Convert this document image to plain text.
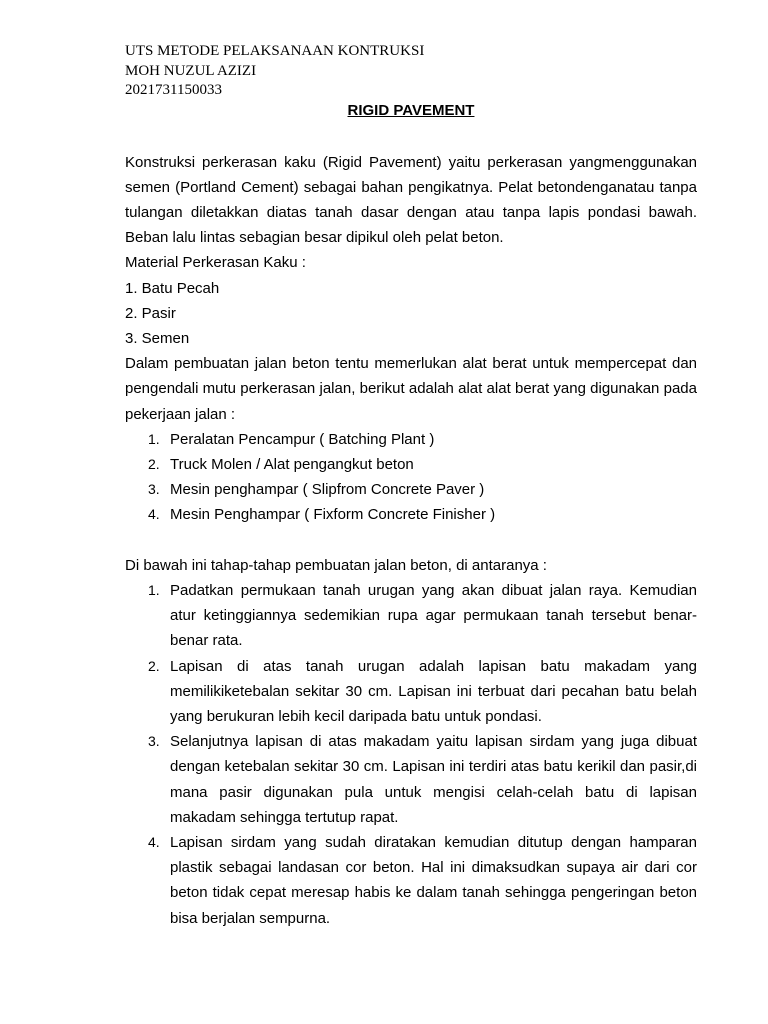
UTS METODE PELAKSANAAN KONTRUKSI
MOH NUZUL AZIZI
2021731150033
RIGID PAVEMENT

Konstruksi perkerasan kaku (Rigid Pavement) yaitu perkerasan yangmenggunakan semen (Portland Cement) sebagai bahan pengikatnya. Pelat betondenganatau tanpa tulangan diletakkan diatas tanah dasar dengan atau tanpa lapis pondasi bawah. Beban lalu lintas sebagian besar dipikul oleh pelat beton.

Material Perkerasan Kaku :
1. Batu Pecah
2. Pasir
3. Semen

Dalam pembuatan jalan beton tentu memerlukan alat berat untuk mempercepat dan pengendali mutu perkerasan jalan, berikut adalah alat alat berat yang digunakan pada pekerjaan jalan :

1. Peralatan Pencampur ( Batching Plant )
2. Truck Molen / Alat pengangkut beton
3. Mesin penghampar ( Slipfrom Concrete Paver )
4. Mesin Penghampar ( Fixform Concrete Finisher )
Di bawah ini tahap-tahap pembuatan jalan beton, di antaranya :
1. Padatkan permukaan tanah urugan yang akan dibuat jalan raya. Kemudian atur ketinggiannya sedemikian rupa agar permukaan tanah tersebut benar-benar rata.
2. Lapisan di atas tanah urugan adalah lapisan batu makadam yang memilikiketebalan sekitar 30 cm. Lapisan ini terbuat dari pecahan batu belah yang berukuran lebih kecil daripada batu untuk pondasi.
3. Selanjutnya lapisan di atas makadam yaitu lapisan sirdam yang juga dibuat dengan ketebalan sekitar 30 cm. Lapisan ini terdiri atas batu kerikil dan pasir,di mana pasir digunakan pula untuk mengisi celah-celah batu di lapisan makadam sehingga tertutup rapat.
4. Lapisan sirdam yang sudah diratakan kemudian ditutup dengan hamparan plastik sebagai landasan cor beton. Hal ini dimaksudkan supaya air dari cor beton tidak cepat meresap habis ke dalam tanah sehingga pengeringan beton bisa berjalan sempurna.
